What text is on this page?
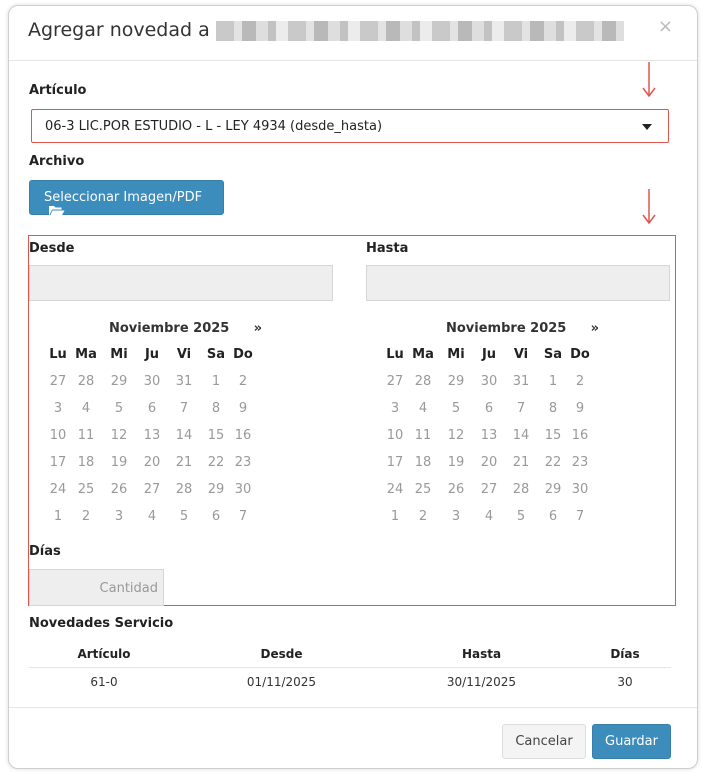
Agregar novedad a	×
Artículo
06-3 LIC.POR ESTUDIO - L - LEY 4934 (desde_hasta)
Archivo
Seleccionar Imagen/PDF
Desde	Hasta
Noviembre 2025 »
Lu Ma	Mi	Ju	Vi	Sa Do
27 28	29	30	31	1	2
3	4	5	6	7	8	9
10 11	12	13	14	15 16
17 18	19	20	21	22 23
24 25	26	27	28	29 30
1	2	3	4	5	6	7
Noviembre 2025 »
Lu Ma	Mi	Ju	Vi	Sa Do
27 28	29	30	31	1	2
3	4	5	6	7	8	9
10 11	12	13	14	15 16
17 18	19	20	21	22 23
24 25	26	27	28	29 30
1	2	3	4	5	6	7
Días
Cantidad
Novedades Servicio
Artículo	Desde	Hasta	Días
61-0	01/11/2025	30/11/2025	30
Cancelar	Guardar
